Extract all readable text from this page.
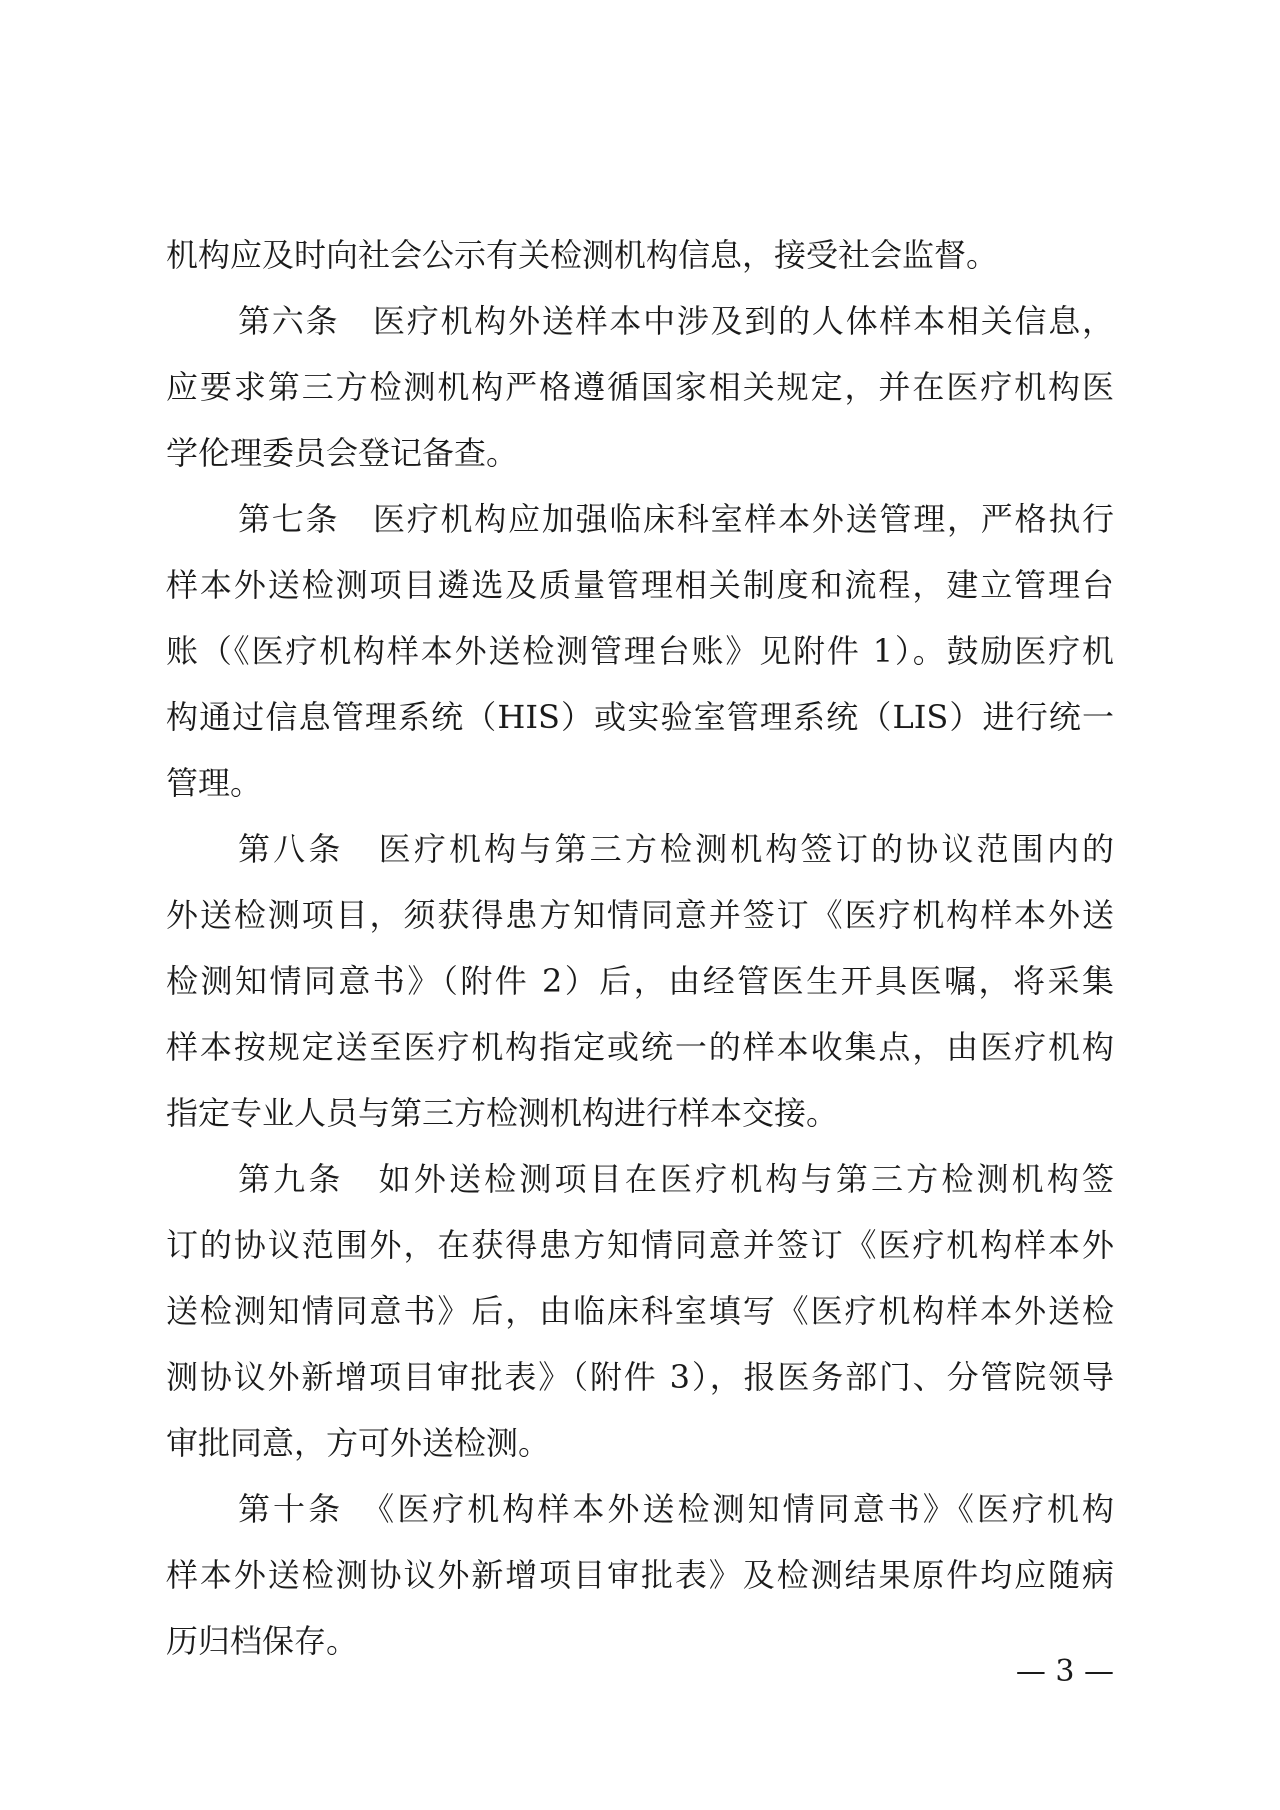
机构应及时向社会公示有关检测机构信息，接受社会监督。
第六条　医疗机构外送样本中涉及到的人体样本相关信息，
应要求第三方检测机构严格遵循国家相关规定，并在医疗机构医
学伦理委员会登记备查。
第七条　医疗机构应加强临床科室样本外送管理，严格执行
样本外送检测项目遴选及质量管理相关制度和流程，建立管理台
账（《医疗机构样本外送检测管理台账》见附件 1）。鼓励医疗机
构通过信息管理系统（HIS）或实验室管理系统（LIS）进行统一
管理。
第八条　医疗机构与第三方检测机构签订的协议范围内的
外送检测项目，须获得患方知情同意并签订《医疗机构样本外送
检测知情同意书》（附件 2）后，由经管医生开具医嘱，将采集
样本按规定送至医疗机构指定或统一的样本收集点，由医疗机构
指定专业人员与第三方检测机构进行样本交接。
第九条　如外送检测项目在医疗机构与第三方检测机构签
订的协议范围外，在获得患方知情同意并签订《医疗机构样本外
送检测知情同意书》后，由临床科室填写《医疗机构样本外送检
测协议外新增项目审批表》（附件 3），报医务部门、分管院领导
审批同意，方可外送检测。
第十条　《医疗机构样本外送检测知情同意书》《医疗机构
样本外送检测协议外新增项目审批表》及检测结果原件均应随病
历归档保存。
— 3 —
